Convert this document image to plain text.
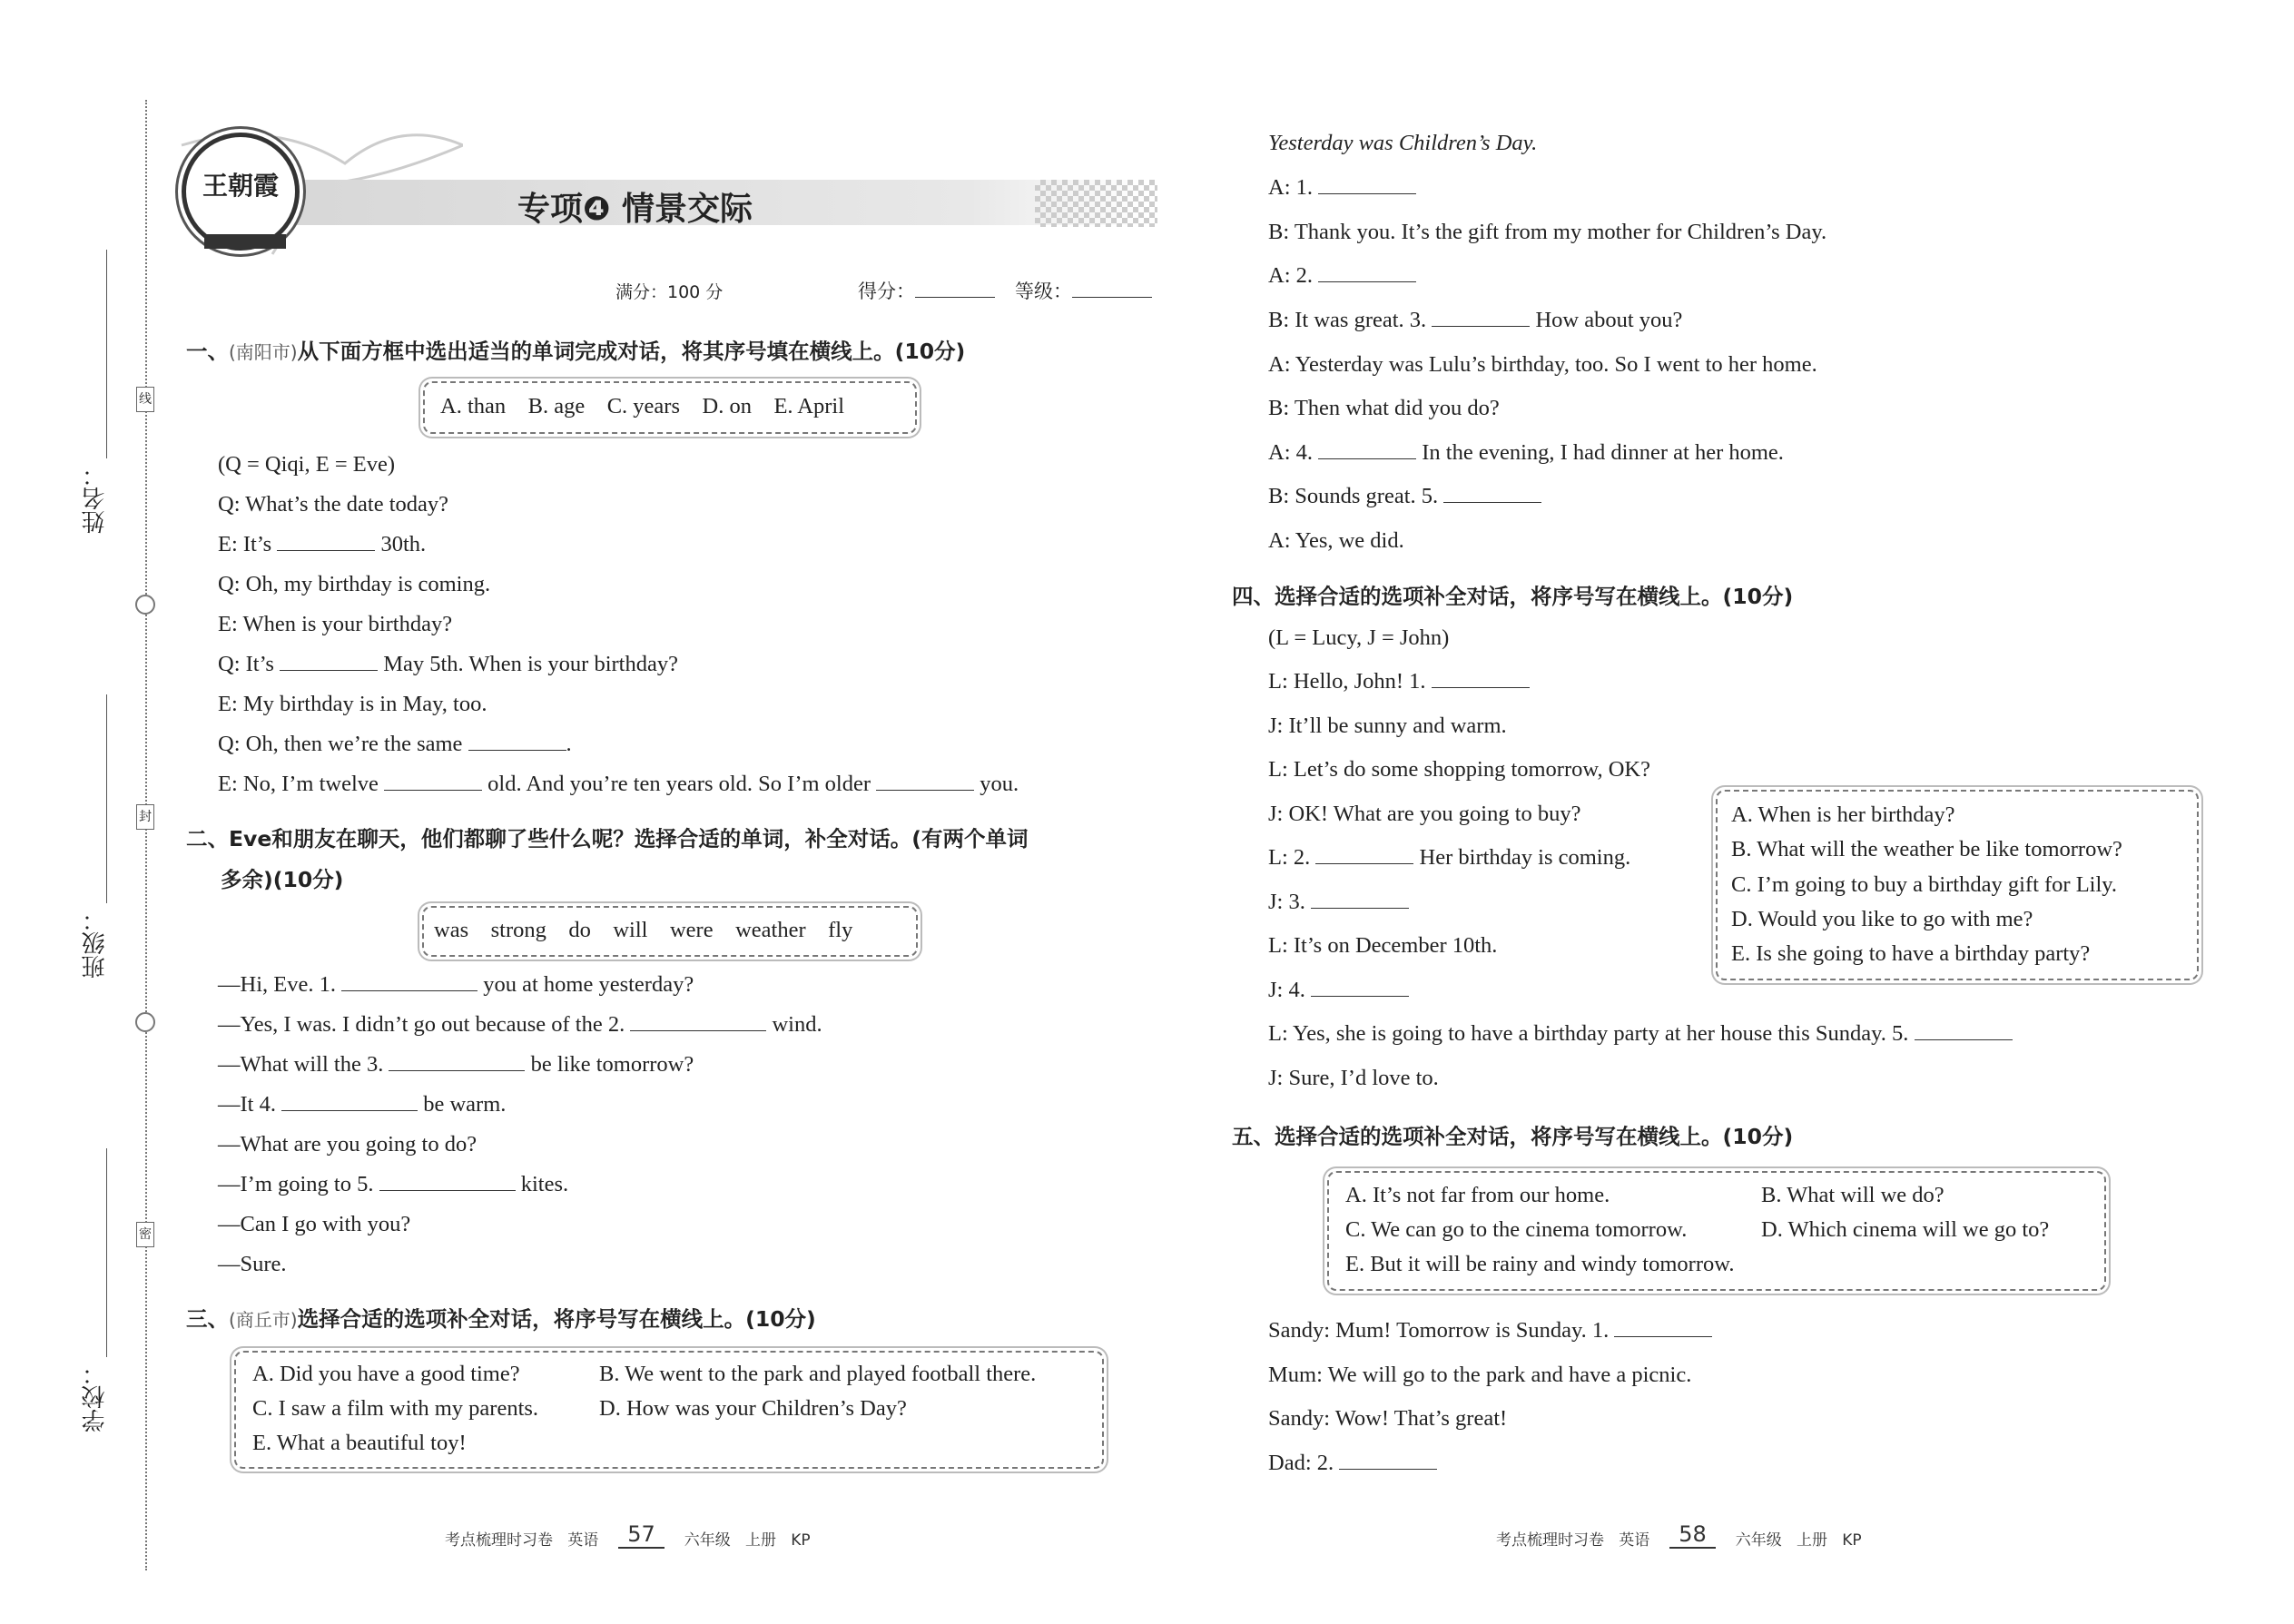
姓名：
班级：
学校：
线
封
密
王朝霞
专项❹ 情景交际
满分：100 分	得分：	等级：
一、(南阳市)从下面方框中选出适当的单词完成对话，将其序号填在横线上。(10分)
A. than    B. age    C. years    D. on    E. April
(Q = Qiqi, E = Eve)
Q: What’s the date today?
E: It’s	30th.
Q: Oh, my birthday is coming.
E: When is your birthday?
Q: It’s	May 5th. When is your birthday?
E: My birthday is in May, too.
Q: Oh, then we’re the same	.
E: No, I’m twelve	old. And you’re ten years old. So I’m older	you.
二、Eve和朋友在聊天，他们都聊了些什么呢？选择合适的单词，补全对话。(有两个单词
多余)(10分)
was    strong    do    will    were    weather    fly
—Hi, Eve. 1.	you at home yesterday?
—Yes, I was. I didn’t go out because of the 2.	wind.
—What will the 3.	be like tomorrow?
—It 4.	be warm.
—What are you going to do?
—I’m going to 5.	kites.
—Can I go with you?
—Sure.
三、(商丘市)选择合适的选项补全对话，将序号写在横线上。(10分)
A. Did you have a good time?	B. We went to the park and played football there.
C. I saw a film with my parents.	D. How was your Children’s Day?
E. What a beautiful toy!
考点梳理时习卷   英语 57 六年级   上册   KP
Yesterday was Children’s Day.
A: 1.
B: Thank you. It’s the gift from my mother for Children’s Day.
A: 2.
B: It was great. 3.	How about you?
A: Yesterday was Lulu’s birthday, too. So I went to her home.
B: Then what did you do?
A: 4.	In the evening, I had dinner at her home.
B: Sounds great. 5.
A: Yes, we did.
四、选择合适的选项补全对话，将序号写在横线上。(10分)
(L = Lucy, J = John)
L: Hello, John! 1.
J: It’ll be sunny and warm.
L: Let’s do some shopping tomorrow, OK?
J: OK! What are you going to buy?
L: 2.	Her birthday is coming.
J: 3.
L: It’s on December 10th.
J: 4.
L: Yes, she is going to have a birthday party at her house this Sunday. 5.
J: Sure, I’d love to.
A. When is her birthday?
B. What will the weather be like tomorrow?
C. I’m going to buy a birthday gift for Lily.
D. Would you like to go with me?
E. Is she going to have a birthday party?
五、选择合适的选项补全对话，将序号写在横线上。(10分)
A. It’s not far from our home.	B. What will we do?
C. We can go to the cinema tomorrow.	D. Which cinema will we go to?
E. But it will be rainy and windy tomorrow.
Sandy: Mum! Tomorrow is Sunday. 1.
Mum: We will go to the park and have a picnic.
Sandy: Wow! That’s great!
Dad: 2.
考点梳理时习卷   英语 58 六年级   上册   KP
